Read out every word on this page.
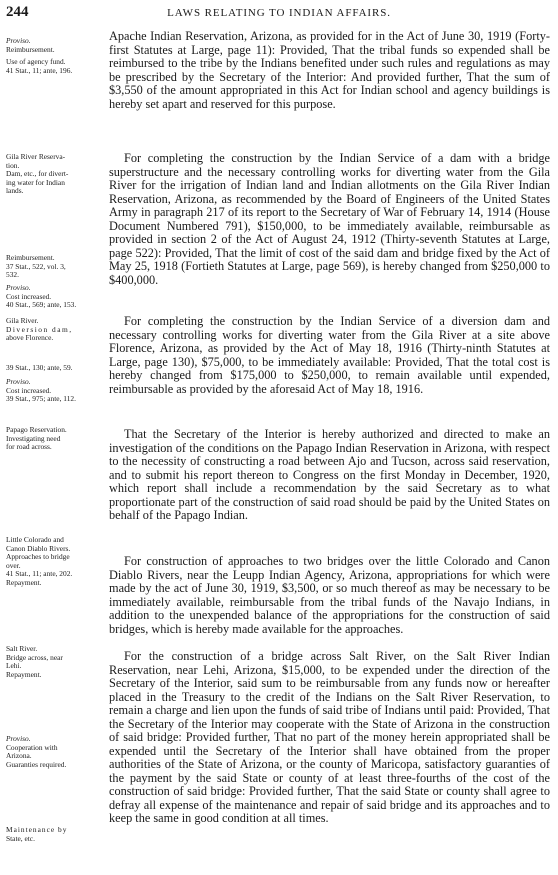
244	LAWS RELATING TO INDIAN AFFAIRS.
Proviso.
Reimbursement.
Use of agency fund.
41 Stat., 11; ante, 196.
Gila River Reserva-
tion.
Dam, etc., for divert-
ing water for Indian
lands.
Reimbursement.
37 Stat., 522, vol. 3,
532.
Proviso.
Cost increased.
40 Stat., 569; ante, 153.
Gila River.
Diversion dam,
above Florence.
39 Stat., 130; ante, 59.
Proviso.
Cost increased.
39 Stat., 975; ante, 112.
Papago Reservation.
Investigating need
for road across.
Little Colorado and
Canon Diablo Rivers.
Approaches to bridge
over.
41 Stat., 11; ante, 202.
Repayment.
Salt River.
Bridge across, near
Lehi.
Repayment.
Proviso.
Cooperation with
Arizona.
Guaranties required.
Maintenance by
State, etc.

Apache Indian Reservation, Arizona, as provided for in the Act of June 30, 1919 (Forty-first Statutes at Large, page 11): Provided, That the tribal funds so expended shall be reimbursed to the tribe by the Indians benefited under such rules and regulations as may be prescribed by the Secretary of the Interior: And provided further, That the sum of $3,550 of the amount appropriated in this Act for Indian school and agency buildings is hereby set apart and reserved for this purpose.

For completing the construction by the Indian Service of a dam with a bridge superstructure and the necessary controlling works for diverting water from the Gila River for the irrigation of Indian land and Indian allotments on the Gila River Indian Reservation, Arizona, as recommended by the Board of Engineers of the United States Army in paragraph 217 of its report to the Secretary of War of February 14, 1914 (House Document Numbered 791), $150,000, to be immediately available, reimbursable as provided in section 2 of the Act of August 24, 1912 (Thirty-seventh Statutes at Large, page 522): Provided, That the limit of cost of the said dam and bridge fixed by the Act of May 25, 1918 (Fortieth Statutes at Large, page 569), is hereby changed from $250,000 to $400,000.

For completing the construction by the Indian Service of a diversion dam and necessary controlling works for diverting water from the Gila River at a site above Florence, Arizona, as provided by the Act of May 18, 1916 (Thirty-ninth Statutes at Large, page 130), $75,000, to be immediately available: Provided, That the total cost is hereby changed from $175,000 to $250,000, to remain available until expended, reimbursable as provided by the aforesaid Act of May 18, 1916.

That the Secretary of the Interior is hereby authorized and directed to make an investigation of the conditions on the Papago Indian Reservation in Arizona, with respect to the necessity of constructing a road between Ajo and Tucson, across said reservation, and to submit his report thereon to Congress on the first Monday in December, 1920, which report shall include a recommendation by the said Secretary as to what proportionate part of the construction of said road should be paid by the United States on behalf of the Papago Indian.

For construction of approaches to two bridges over the little Colorado and Canon Diablo Rivers, near the Leupp Indian Agency, Arizona, appropriations for which were made by the act of June 30, 1919, $3,500, or so much thereof as may be necessary to be immediately available, reimbursable from the tribal funds of the Navajo Indians, in addition to the unexpended balance of the appropriations for the construction of said bridges, which is hereby made available for the approaches.

For the construction of a bridge across Salt River, on the Salt River Indian Reservation, near Lehi, Arizona, $15,000, to be expended under the direction of the Secretary of the Interior, said sum to be reimbursable from any funds now or hereafter placed in the Treasury to the credit of the Indians on the Salt River Reservation, to remain a charge and lien upon the funds of said tribe of Indians until paid: Provided, That the Secretary of the Interior may cooperate with the State of Arizona in the construction of said bridge: Provided further, That no part of the money herein appropriated shall be expended until the Secretary of the Interior shall have obtained from the proper authorities of the State of Arizona, or the county of Maricopa, satisfactory guaranties of the payment by the said State or county of at least three-fourths of the cost of the construction of said bridge: Provided further, That the said State or county shall agree to defray all expense of the maintenance and repair of said bridge and its approaches and to keep the same in good condition at all times.
